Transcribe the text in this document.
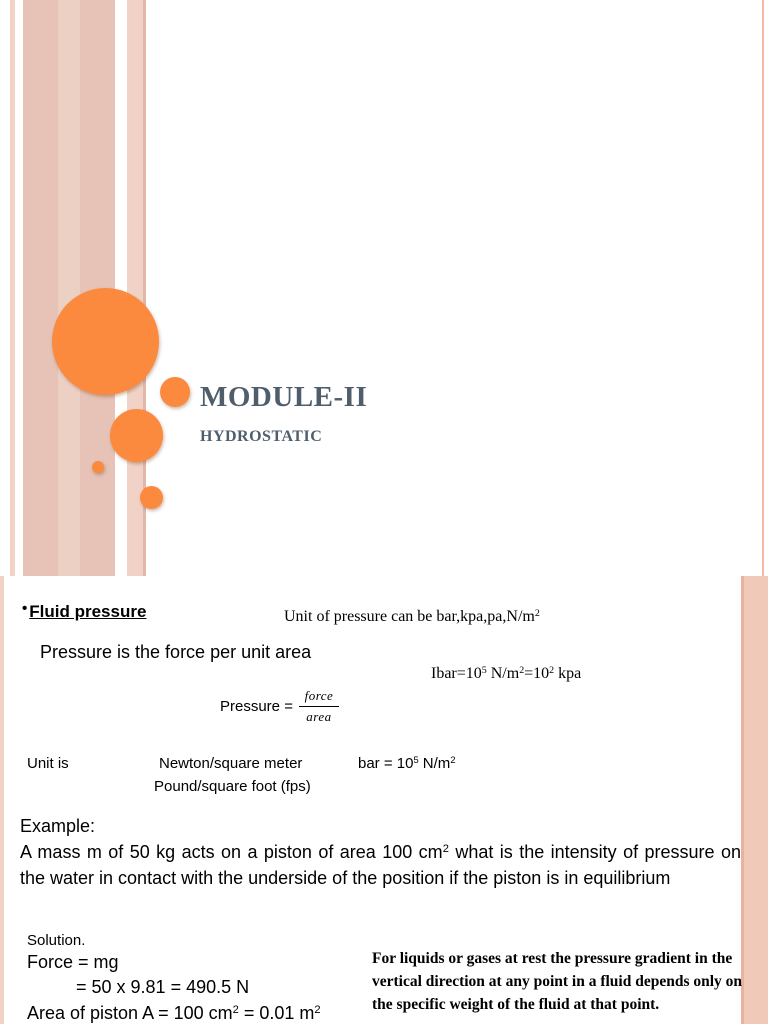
MODULE-II
HYDROSTATIC
• Fluid pressure	Unit of pressure can be $bar,kpa,pa,N/m^2$
Pressure is the force per unit area
$Ibar=10^5$ $N/m^2=10^2$ kpa
Pressure = $\frac{\text{force}}{\text{area}}$
Unit is	Newton/square meter	bar = $10^5$ $N/m^2$
Pound/square foot (fps)
Example:

A mass m of 50 kg acts on a piston of area 100 $cm^2$ what is the intensity of pressure on the water in contact with the underside of the position if the piston is in equilibrium

Solution.
Force = mg
= 50 x 9.81 = 490.5 N
Area of piston A = 100 $cm^2 = 0.01$ $m^2$

For liquids or gases at rest the pressure gradient in the vertical direction at any point in a fluid depends only on the specific weight of the fluid at that point.
